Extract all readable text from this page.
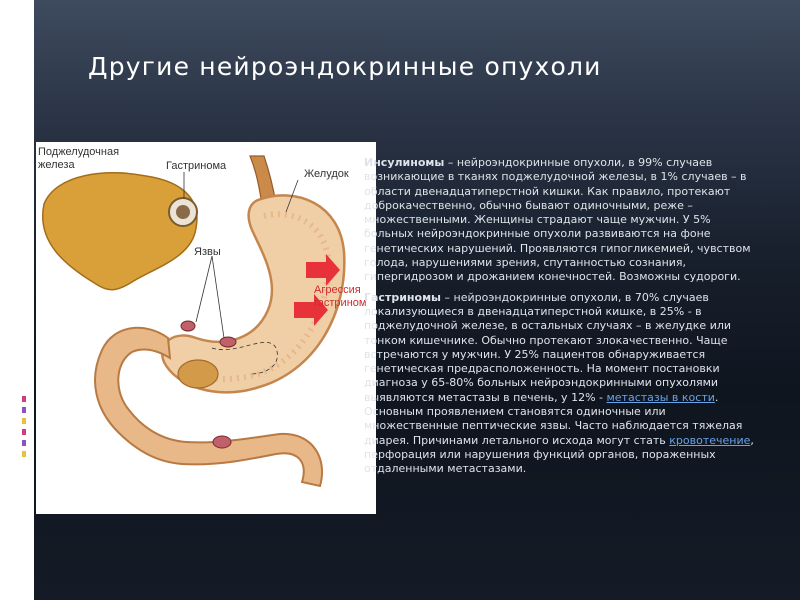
Другие нейроэндокринные опухоли
Поджелудочная железа	Гастринома
Желудок
Язвы
Агрессия гастрином

Инсулиномы – нейроэндокринные опухоли, в 99% случаев возникающие в тканях поджелудочной железы, в 1% случаев – в области двенадцатиперстной кишки. Как правило, протекают доброкачественно, обычно бывают одиночными, реже – множественными. Женщины страдают чаще мужчин. У 5% больных нейроэндокринные опухоли развиваются на фоне генетических нарушений. Проявляются гипогликемией, чувством голода, нарушениями зрения, спутанностью сознания, гипергидрозом и дрожанием конечностей. Возможны судороги.

Гастриномы – нейроэндокринные опухоли, в 70% случаев локализующиеся в двенадцатиперстной кишке, в 25% - в поджелудочной железе, в остальных случаях – в желудке или тонком кишечнике. Обычно протекают злокачественно. Чаще встречаются у мужчин. У 25% пациентов обнаруживается генетическая предрасположенность. На момент постановки диагноза у 65-80% больных нейроэндокринными опухолями выявляются метастазы в печень, у 12% - метастазы в кости. Основным проявлением становятся одиночные или множественные пептические язвы. Часто наблюдается тяжелая диарея. Причинами летального исхода могут стать кровотечение, перфорация или нарушения функций органов, пораженных отдаленными метастазами.
